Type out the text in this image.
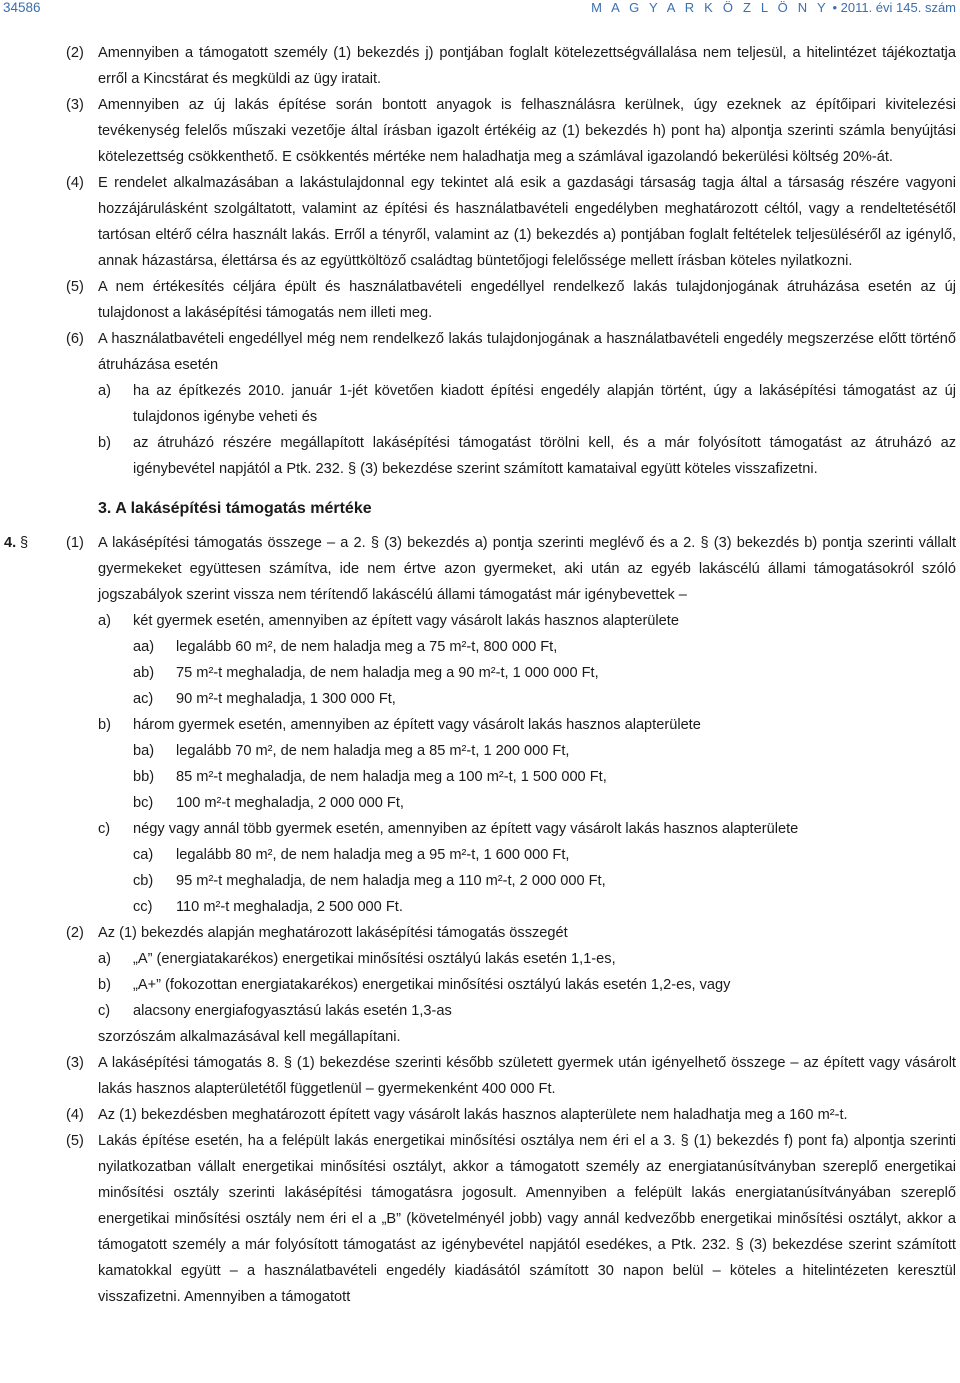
34586	M A G Y A R K Ö Z L Ö N Y • 2011. évi 145. szám
(2) Amennyiben a támogatott személy (1) bekezdés j) pontjában foglalt kötelezettségvállalása nem teljesül, a hitelintézet tájékoztatja erről a Kincstárat és megküldi az ügy iratait.
(3) Amennyiben az új lakás építése során bontott anyagok is felhasználásra kerülnek, úgy ezeknek az építőipari kivitelezési tevékenység felelős műszaki vezetője által írásban igazolt értékéig az (1) bekezdés h) pont ha) alpontja szerinti számla benyújtási kötelezettség csökkenthető. E csökkentés mértéke nem haladhatja meg a számlával igazolandó bekerülési költség 20%-át.
(4) E rendelet alkalmazásában a lakástulajdonnal egy tekintet alá esik a gazdasági társaság tagja által a társaság részére vagyoni hozzájárulásként szolgáltatott, valamint az építési és használatbavételi engedélyben meghatározott céltól, vagy a rendeltetésétől tartósan eltérő célra használt lakás. Erről a tényről, valamint az (1) bekezdés a) pontjában foglalt feltételek teljesüléséről az igénylő, annak házastársa, élettársa és az együttköltöző családtag büntetőjogi felelőssége mellett írásban köteles nyilatkozni.
(5) A nem értékesítés céljára épült és használatbavételi engedéllyel rendelkező lakás tulajdonjogának átruházása esetén az új tulajdonost a lakásépítési támogatás nem illeti meg.
(6) A használatbavételi engedéllyel még nem rendelkező lakás tulajdonjogának a használatbavételi engedély megszerzése előtt történő átruházása esetén
a) ha az építkezés 2010. január 1-jét követően kiadott építési engedély alapján történt, úgy a lakásépítési támogatást az új tulajdonos igénybe veheti és
b) az átruházó részére megállapított lakásépítési támogatást törölni kell, és a már folyósított támogatást az átruházó az igénybevétel napjától a Ptk. 232. § (3) bekezdése szerint számított kamataival együtt köteles visszafizetni.
3. A lakásépítési támogatás mértéke
4. §	(1) A lakásépítési támogatás összege – a 2. § (3) bekezdés a) pontja szerinti meglévő és a 2. § (3) bekezdés b) pontja szerinti vállalt gyermekeket együttesen számítva, ide nem értve azon gyermeket, aki után az egyéb lakáscélú állami támogatásokról szóló jogszabályok szerint vissza nem térítendő lakáscélú állami támogatást már igénybevettek –
a) két gyermek esetén, amennyiben az épített vagy vásárolt lakás hasznos alapterülete
aa) legalább 60 m², de nem haladja meg a 75 m²-t, 800 000 Ft,
ab) 75 m²-t meghaladja, de nem haladja meg a 90 m²-t, 1 000 000 Ft,
ac) 90 m²-t meghaladja, 1 300 000 Ft,
b) három gyermek esetén, amennyiben az épített vagy vásárolt lakás hasznos alapterülete
ba) legalább 70 m², de nem haladja meg a 85 m²-t, 1 200 000 Ft,
bb) 85 m²-t meghaladja, de nem haladja meg a 100 m²-t, 1 500 000 Ft,
bc) 100 m²-t meghaladja, 2 000 000 Ft,
c) négy vagy annál több gyermek esetén, amennyiben az épített vagy vásárolt lakás hasznos alapterülete
ca) legalább 80 m², de nem haladja meg a 95 m²-t, 1 600 000 Ft,
cb) 95 m²-t meghaladja, de nem haladja meg a 110 m²-t, 2 000 000 Ft,
cc) 110 m²-t meghaladja, 2 500 000 Ft.
(2) Az (1) bekezdés alapján meghatározott lakásépítési támogatás összegét
a) „A” (energiatakarékos) energetikai minősítési osztályú lakás esetén 1,1-es,
b) „A+” (fokozottan energiatakarékos) energetikai minősítési osztályú lakás esetén 1,2-es, vagy
c) alacsony energiafogyasztású lakás esetén 1,3-as
szorzószám alkalmazásával kell megállapítani.
(3) A lakásépítési támogatás 8. § (1) bekezdése szerinti később született gyermek után igényelhető összege – az épített vagy vásárolt lakás hasznos alapterületétől függetlenül – gyermekenként 400 000 Ft.
(4) Az (1) bekezdésben meghatározott épített vagy vásárolt lakás hasznos alapterülete nem haladhatja meg a 160 m²-t.
(5) Lakás építése esetén, ha a felépült lakás energetikai minősítési osztálya nem éri el a 3. § (1) bekezdés f) pont fa) alpontja szerinti nyilatkozatban vállalt energetikai minősítési osztályt, akkor a támogatott személy az energiatanúsítványban szereplő energetikai minősítési osztály szerinti lakásépítési támogatásra jogosult. Amennyiben a felépült lakás energiatanúsítványában szereplő energetikai minősítési osztály nem éri el a „B” (követelményél jobb) vagy annál kedvezőbb energetikai minősítési osztályt, akkor a támogatott személy a már folyósított támogatást az igénybevétel napjától esedékes, a Ptk. 232. § (3) bekezdése szerint számított kamatokkal együtt – a használatbavételi engedély kiadásától számított 30 napon belül – köteles a hitelintézeten keresztül visszafizetni. Amennyiben a támogatott
